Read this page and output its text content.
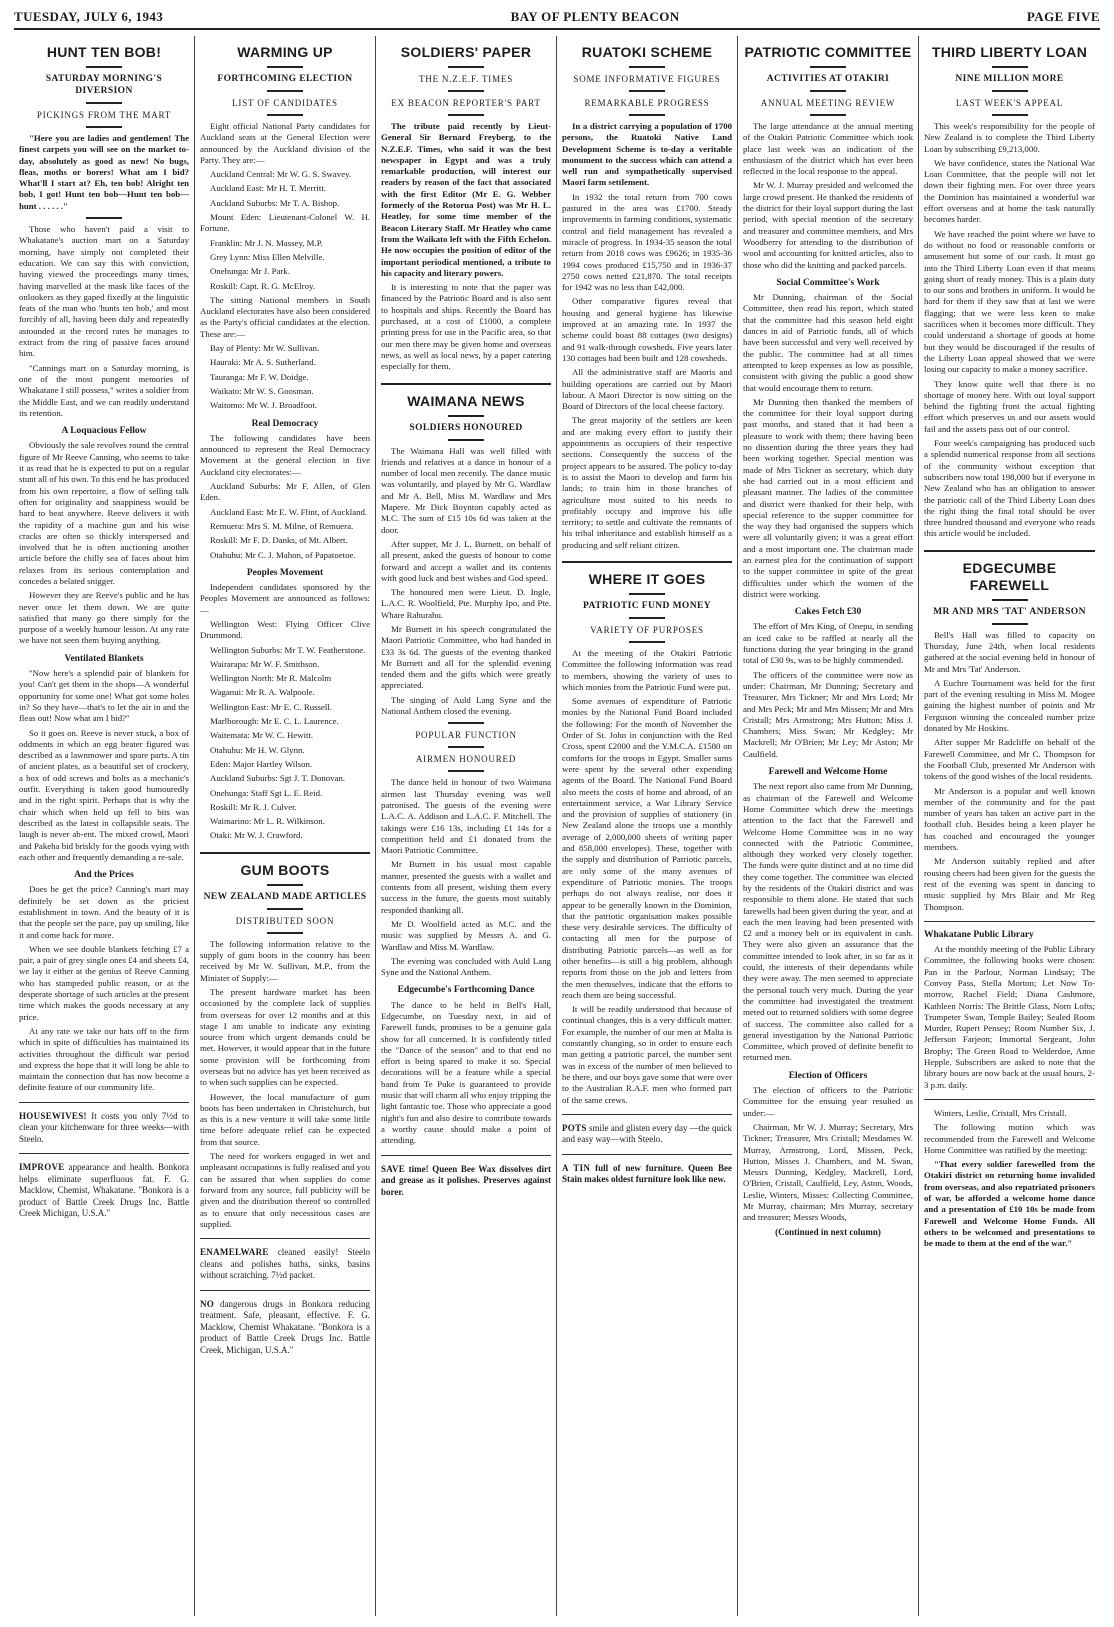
TUESDAY, JULY 6, 1943	BAY OF PLENTY BEACON	PAGE FIVE
HUNT TEN BOB!
SATURDAY MORNING'S DIVERSION
PICKINGS FROM THE MART

"Here you are ladies and gentlemen! The finest carpets you will see on the market to-day, absolutely as good as new! No bugs, fleas, moths or borers! What am I bid? What'll I start at? Eh, ten bob! Alright ten bob, I got! Hunt ten bob—Hunt ten bob—hunt . . . . . ."

Those who haven't paid a visit to Whakatane's auction mart on a Saturday morning, have simply not completed their education. We can say this with conviction, having viewed the proceedings many times, having marvelled at the mask like faces of the onlookers as they gaped fixedly at the linguistic feats of the man who 'hunts ten bob,' and most forcibly of all, having been duly and repeatedly astounded at the record rates he manages to extract from the ring of passive faces around him.

"Cannings mart on a Saturday morning, is one of the most pungent memories of Whakatane I still possess," writes a soldier from the Middle East, and we can readily understand its retention.

A Loquacious Fellow

Obviously the sale revolves round the central figure of Mr Reeve Canning, who seems to take it as read that he is expected to put on a regular stunt all of his own. To this end he has produced from his own repertoire, a flow of selling talk often for originality and snappiness would be hard to beat anywhere. Reeve delivers it with the rapidity of a machine gun and his wise cracks are often so thickly interspersed and involved that he is often auctioning another article before the chilly sea of faces about him relaxes from its serious contemplation and concedes a belated snigger.

However they are Reeve's public and he has never once let them down. We are quite satisfied that many go there simply for the purpose of a weekly humour lesson. At any rate we have not seen them buying anything.

Ventilated Blankets

"Now here's a splendid pair of blankets for you! Can't get them in the shops—A wonderful opportunity for some one! What got some holes in? So they have—that's to let the air in and the fleas out! Now what am I bid?"

So it goes on. Reeve is never stuck, a box of oddments in which an egg beater figured was described as a lawnmower and spare parts. A tin of ancient plates, as a beautiful set of crockery, a box of odd screws and bolts as a mechanic's outfit. Everything is taken good humouredly and in the right spirit. Perhaps that is why the chair which when held up fell to bits was described as the latest in collapsible seats. The laugh is never ab-ent. The mixed crowd, Maori and Pakeha bid briskly for the goods vying with each other and frequently demanding a re-sale.

And the Prices

Does he get the price? Canning's mart may definitely be set down as the priciest establishment in town. And the beauty of it is that the people set the pace, pay up smiling, like it and come back for more.

When we see double blankets fetching £7 a pair, a pair of grey single ones £4 and sheets £4, we lay it either at the genius of Reeve Canning who has stampeded public reason, or at the desperate shortage of such articles at the present time which makes the goods necessary at any price.

At any rate we take our hats off to the firm which in spite of difficulties has maintained its activities throughout the difficult war period and express the hope that it will long be able to maintain the connection that has now become a definite feature of our community life.

HOUSEWIVES! It costs you only 7½d to clean your kitchenware for three weeks—with Steelo.
IMPROVE appearance and health. Bonkora helps eliminate superfluous fat. F. G. Macklow, Chemist, Whakatane. "Bonkora is a product of Battle Creek Drugs Inc. Battle Creek Michigan, U.S.A."
WARMING UP
FORTHCOMING ELECTION
LIST OF CANDIDATES

Eight official National Party candidates for Auckland seats at the General Election were announced by the Auckland division of the Party. They are:—

Auckland Central: Mr W. G. S. Swavey.

Auckland East: Mr H. T. Merritt.

Auckland Suburbs: Mr T. A. Bishop.

Mount Eden: Lieutenant-Colonel W. H. Fortune.

Franklin: Mr J. N. Massey, M.P.

Grey Lynn: Miss Ellen Melville.

Onehunga: Mr J. Park.

Roskill: Capt. R. G. McElroy.

The sitting National members in South Auckland electorates have also been considered as the Party's official candidates at the election. These are:—

Bay of Plenty: Mr W. Sullivan.

Hauraki: Mr A. S. Sutherland.

Tauranga: Mr F. W. Doidge.

Waikato: Mr W. S. Goosman.

Waitomo: Mr W. J. Broadfoot.

Real Democracy

The following candidates have been announced to represent the Real Democracy Movement at the general election in five Auckland city electorates:—

Auckland Suburbs: Mr F. Allen, of Glen Eden.

Auckland East: Mr E. W. Flint, of Auckland.

Remuera: Mrs S. M. Milne, of Remuera.

Roskill: Mr F. D. Danks, of Mt. Albert.

Otahuhu: Mr C. J. Mahon, of Papatoetoe.

Peoples Movement

Independent candidates sponsored by the Peoples Movement are announced as follows:—

Wellington West: Flying Officer Clive Drummond.

Wellington Suburbs: Mr T. W. Featherstone.

Wairarapa: Mr W. F. Smithson.

Wellington North: Mr R. Malcolm

Waganui: Mr R. A. Walpoole.

Wellington East: Mr E. C. Russell.

Marlborough: Mr E. C. L. Laurence.

Waitemata: Mr W. C. Hewitt.

Otahuhu: Mr H. W. Glynn.

Eden: Major Hartley Wilson.

Auckland Suburbs: Sgt J. T. Donovan.

Onehunga: Staff Sgt L. E. Reid.

Roskill: Mr R. J. Culver.

Waimarino: Mr L. R. Wilkinson.

Otaki: Mr W. J. Crawford.

GUM BOOTS
NEW ZEALAND MADE ARTICLES
DISTRIBUTED SOON

The following information relative to the supply of gum boots in the country has been received by Mr W. Sullivan, M.P., from the Minister of Supply:—

The present hardware market has been occasioned by the complete lack of supplies from overseas for over 12 months and at this stage I am unable to indicate any existing source from which urgent demands could be met. However, it would appear that in the future some provision will be forthcoming from overseas but no advice has yet been received as to when such supplies can be expected.

However, the local manufacture of gum boots has been undertaken in Christchurch, but as this is a new venture it will take some little time before adequate relief can be expected from that source.

The need for workers engaged in wet and unpleasant occupations is fully realised and you can be assured that when supplies do come forward from any source, full publicity will be given and the distribution thereof so controlled as to ensure that only necessitous cases are supplied.

ENAMELWARE cleaned easily! Steelo cleans and polishes baths, sinks, basins without scratching. 7½d packet.
NO dangerous drugs in Bonkora reducing treatment. Safe, pleasant, effective. F. G. Macklow, Chemist Whakatane. "Bonkora is a product of Battle Creek Drugs Inc. Battle Creek, Michigan, U.S.A."
SOLDIERS' PAPER
THE N.Z.E.F. TIMES
EX BEACON REPORTER'S PART

The tribute paid recently by Lieut-General Sir Bernard Freyberg, to the N.Z.E.F. Times, who said it was the best newspaper in Egypt and was a truly remarkable production, will interest our readers by reason of the fact that associated with the first Editor (Mr E. G. Webber formerly of the Rotorua Post) was Mr H. L. Heatley, for some time member of the Beacon Literary Staff. Mr Heatley who came from the Waikato left with the Fifth Echelon. He now occupies the position of editor of the important periodical mentioned, a tribute to his capacity and literary powers.

It is interesting to note that the paper was financed by the Patriotic Board and is also sent to hospitals and ships. Recently the Board has purchased, at a cost of £1000, a complete printing press for use in the Pacific area, so that our men there may be given home and overseas news, as well as local news, by a paper catering especially for them.

WAIMANA NEWS
SOLDIERS HONOURED

The Waimana Hall was well filled with friends and relatives at a dance in honour of a number of local men recently. The dance music was voluntarily, and played by Mr G. Wardlaw and Mr A. Bell, Miss M. Wardlaw and Mrs Mapere. Mr Dick Boynton capably acted as M.C. The sum of £15 10s 6d was taken at the door.

After supper, Mr J. L. Burnett, on behalf of all present, asked the guests of honour to come forward and accept a wallet and its contents with good luck and best wishes and God speed.

The honoured men were Lieut. D. Ingle, L.A.C. R. Woolfield, Pte. Murphy Ipo, and Pte. Whare Rahurahu.

Mr Burnett in his speech congratulated the Maori Patriotic Committee, who had handed in £33 3s 6d. The guests of the evening thanked Mr Burnett and all for the splendid evening tended them and the gifts which were greatly appreciated.

The singing of Auld Lang Syne and the National Anthem closed the evening.

POPULAR FUNCTION
AIRMEN HONOURED

The dance held in honour of two Waimana airmen last Thursday evening was well patronised. The guests of the evening were L.A.C. A. Addison and L.A.C. F. Mitchell. The takings were £16 13s, including £1 14s for a competition held and £1 donated from the Maori Patriotic Committee.

Mr Burnett in his usual most capable manner, presented the guests with a wallet and contents from all present, wishing them every success in the future, the guests most suitably responded thanking all.

Mr D. Woolfield acted as M.C. and the music was supplied by Messrs A. and G. Wardlaw and Miss M. Wardlaw.

The evening was concluded with Auld Lang Syne and the National Anthem.

Edgecumbe's Forthcoming Dance

The dance to be held in Bell's Hall, Edgecumbe, on Tuesday next, in aid of Farewell funds, promises to be a genuine gala show for all concerned. It is confidently titled the "Dance of the season" and to that end no effort is being spared to make it so. Special decorations will be a feature while a special band from Te Puke is guaranteed to provide music that will charm all who enjoy tripping the light fantastic toe. Those who appreciate a good night's fun and also desire to contribute towards a worthy cause should make a point of attending.

SAVE time! Queen Bee Wax dissolves dirt and grease as it polishes. Preserves against borer.
RUATOKI SCHEME
SOME INFORMATIVE FIGURES
REMARKABLE PROGRESS

In a district carrying a population of 1700 persons, the Ruatoki Native Land Development Scheme is to-day a veritable monument to the success which can attend a well run and sympathetically supervised Maori farm settlement.

In 1932 the total return from 700 cows pastured in the area was £1700. Steady improvements in farming conditions, systematic control and field management has revealed a miracle of progress. In 1934-35 season the total return from 2018 cows was £9626; in 1935-36 1994 cows produced £15,750 and in 1936-37 2750 cows netted £21,870. The total receipts for 1942 was no less than £42,000.

Other comparative figures reveal that housing and general hygiene has likewise improved at an amazing rate. In 1937 the scheme could boast 88 cottages (two designs) and 91 walk-through cowsheds. Five years later 130 cottages had been built and 128 cowsheds.

All the administrative staff are Maoris and building operations are carried out by Maori labour. A Maori Director is now sitting on the Board of Directors of the local cheese factory.

The great majority of the settlers are keen and are making every effort to justify their appointments as occupiers of their respective sections. Consequently the success of the project appears to be assured. The policy to-day is to assist the Maori to develop and farm his lands; to train him in those branches of agriculture most suited to his needs to profitably occupy and improve his idle territory; to settle and cultivate the remnants of his tribal inheritance and establish himself as a producing and self reliant citizen.

WHERE IT GOES
PATRIOTIC FUND MONEY
VARIETY OF PURPOSES

At the meeting of the Otakiri Patriotic Committee the following information was read to members, showing the variety of uses to which monies from the Patriotic Fund were put.

Some avenues of expenditure of Patriotic monies by the National Fund Board included the following: For the month of November the Order of St. John in conjunction with the Red Cross, spent £2000 and the Y.M.C.A. £1580 on comforts for the troops in Egypt. Smaller sums were spent by the several other expending agents of the Board. The National Fund Board also meets the costs of home and abroad, of an entertainment service, a War Library Service and the provision of supplies of stationery (in New Zealand alone the troops use a monthly average of 2,000,000 sheets of writing paper and 858,000 envelopes). These, together with the supply and distribution of Patriotic parcels, are only some of the many avenues of expenditure of Patriotic monies. The troops perhaps do not always realise, nor does it appear to be generally known in the Dominion, that the patriotic organisation makes possible these very desirable services. The difficulty of contacting all men for the purpose of distributing Patriotic parcels—as well as for other benefits—is still a big problem, although reports from those on the job and letters from the men themselves, indicate that the efforts to reach them are being successful.

It will be readily understood that because of continual changes, this is a very difficult matter. For example, the number of our men at Malta is constantly changing, so in order to ensure each man getting a patriotic parcel, the number sent was in excess of the number of men believed to be there, and our boys gave some that were over to the Australian R.A.F. men who formed part of the same crews.

POTS smile and glisten every day —the quick and easy way—with Steelo.
A TIN full of new furniture. Queen Bee Stain makes oldest furniture look like new.
PATRIOTIC COMMITTEE
ACTIVITIES AT OTAKIRI
ANNUAL MEETING REVIEW

The large attendance at the annual meeting of the Otakiri Patriotic Committee which took place last week was an indication of the enthusiasm of the district which has ever been reflected in the local response to the appeal.

Mr W. J. Murray presided and welcomed the large crowd present. He thanked the residents of the district for their loyal support during the last period, with special mention of the secretary and treasurer and committee members, and Mrs Woodberry for attending to the distribution of wool and accounting for knitted articles, also to those who did the knitting and packed parcels.

Social Committee's Work

Mr Dunning, chairman of the Social Committee, then read his report, which stated that the committee had this season held eight dances in aid of Patriotic funds, all of which have been successful and very well received by the public. The committee had at all times attempted to keep expenses as low as possible, consistent with giving the public a good show that would encourage them to return.

Mr Dunning then thanked the members of the committee for their loyal support during past months, and stated that it had been a pleasure to work with them; there having been no dissention during the three years they had been working together. Special mention was made of Mrs Tickner as secretary, which duty she had carried out in a most efficient and pleasant manner. The ladies of the committee and district were thanked for their help, with special reference to the supper committee for the way they had organised the suppers which were all voluntarily given; it was a great effort and a most important one. The chairman made an earnest plea for the continuation of support to the supper committee in spite of the great difficulties under which the women of the district were working.

Cakes Fetch £30

The effort of Mrs King, of Onepu, in sending an iced cake to be raffled at nearly all the functions during the year bringing in the grand total of £30 9s, was to be highly commended.

The officers of the committee were now as under: Chairman, Mr Dunning; Secretary and Treasurer, Mrs Tickner; Mr and Mrs Lord; Mr and Mrs Peck; Mr and Mrs Missen; Mr and Mrs Cristall; Mrs Armstrong; Mrs Hutton; Miss J. Chambers; Miss Swan; Mr Kedgley; Mr Mackrell; Mr O'Brien; Mr Ley; Mr Aston; Mr Caulfield.

Farewell and Welcome Home

The next report also came from Mr Dunning, as chairman of the Farewell and Welcome Home Committee which drew the meetings attention to the fact that the Farewell and Welcome Home Committee was in no way connected with the Patriotic Committee, although they worked very closely together. The funds were quite distinct and at no time did they come together. The committee was elected by the residents of the Otakiri district and was responsible to them alone. He stated that such farewells had been given during the year, and at each the men leaving had been presented with £2 and a money belt or its equivalent in cash. They were also given an assurance that the committee intended to look after, in so far as it could, the interests of their dependants while they were away. The men seemed to appreciate the personal touch very much. During the year the committee had investigated the treatment meted out to returned soldiers with some degree of success. The committee also called for a general investigation by the National Patriotic Committee, which proved of definite benefit to returned men.

Election of Officers

The election of officers to the Patriotic Committee for the ensuing year resulted as under:—

Chairman, Mr W. J. Murray; Secretary, Mrs Tickner; Treasurer, Mrs Cristall; Mesdames W. Murray, Armstrong, Lord, Missen, Peck, Hutton, Misses J. Chambers, and M. Swan, Messrs Dunning, Kedgley, Mackrell, Lord, O'Brien, Cristall, Caulfield, Ley, Aston, Woods, Leslie, Winters, Misses: Collecting Committee, Mr Murray, chairman; Mrs Murray, secretary and treasurer; Messrs Woods,

(Continued in next column)
THIRD LIBERTY LOAN
NINE MILLION MORE
LAST WEEK'S APPEAL

This week's responsibility for the people of New Zealand is to complete the Third Liberty Loan by subscribing £9,213,000.

We have confidence, states the National War Loan Committee, that the people will not let down their fighting men. For over three years the Dominion has maintained a wonderful war effort overseas and at home the task naturally becomes harder.

We have reached the point where we have to do without no food or reasonable comforts or amusement but some of our cash. It must go into the Third Liberty Loan even if that means going short of ready money. This is a plain duty to our sons and brothers in uniform. It would be hard for them if they saw that at last we were flagging; that we were less keen to make sacrifices when it becomes more difficult. They could understand a shortage of goods at home but they would be discouraged if the results of the Liberty Loan appeal showed that we were losing our capacity to make a money sacrifice.

They know quite well that there is no shortage of money here. With out loyal support behind the fighting front the actual fighting effort which preserves us and our assets would fail and the assets pass out of our control.

Four week's campaigning has produced such a splendid numerical response from all sections of the community without exception that subscribers now total 198,000 but if everyone in New Zealand who has an obligation to answer the patriotic call of the Third Liberty Loan does the right thing the final total should be over three hundred thousand and everyone who reads this article would be included.

EDGECUMBE FAREWELL
MR AND MRS 'TAT' ANDERSON

Bell's Hall was filled to capacity on Thursday, June 24th, when local residents gathered at the social evening held in honour of Mr and Mrs 'Tat' Anderson.

A Euchre Tournament was held for the first part of the evening resulting in Miss M. Mogee gaining the highest number of points and Mr Ferguson winning the concealed number prize donated by Mr Hoskins.

After supper Mr Radcliffe on behalf of the Farewell Committee, and Mr C. Thompson for the Football Club, presented Mr Anderson with tokens of the good wishes of the local residents.

Mr Anderson is a popular and well known member of the community and for the past number of years has taken an active part in the football club. Besides being a keen player he has coached and encouraged the younger members.

Mr Anderson suitably replied and after rousing cheers had been given for the guests the rest of the evening was spent in dancing to music supplied by Mrs Blair and Mr Reg Thompson.

Whakatane Public Library

At the monthly meeting of the Public Library Committee, the following books were chosen: Pan in the Parlour, Norman Lindsay; The Convoy Pass, Stella Morton; Let Now To-morrow, Rachel Field; Diana Cashmore, Kathleen Norris: The Brittle Glass, Norn Lofts; Trumpeter Swan, Temple Bailey; Sealed Room Murder, Rupert Pensey; Room Number Six, J. Jefferson Farjeon; Immortal Sergeant, John Brophy; The Green Road to Welderdoe, Anne Hepple. Subscribers are asked to note that the library hours are now back at the usual hours, 2-3 p.m. daily.

Winters, Leslie, Cristall, Mrs Cristall.

The following motion which was recommended from the Farewell and Welcome Home Committee was ratified by the meeting:

"That every soldier farewelled from the Otakiri district on returning home invalided from overseas, and also repatriated prisoners of war, be afforded a welcome home dance and a presentation of £10 10s be made from Farewell and Welcome Home Funds. All others to be welcomed and presentations to be made to them at the end of the war."
